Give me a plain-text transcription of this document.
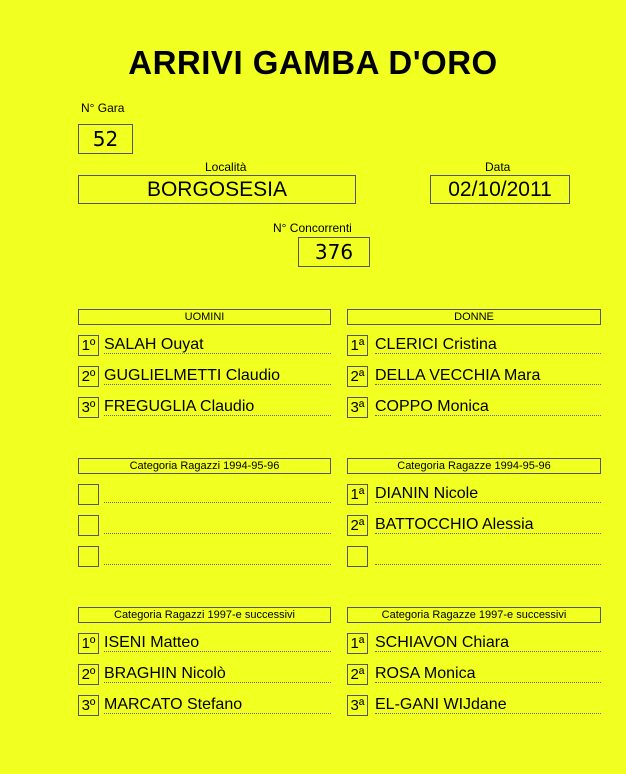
ARRIVI GAMBA D'ORO
N° Gara
52
Località
BORGOSESIA
Data
02/10/2011
N° Concorrenti
376
UOMINI
1º SALAH Ouyat
2º GUGLIELMETTI Claudio
3º FREGUGLIA Claudio
DONNE
1ª CLERICI Cristina
2ª DELLA VECCHIA Mara
3ª COPPO Monica
Categoria Ragazzi 1994-95-96	Categoria Ragazze 1994-95-96
1ª DIANIN Nicole
2ª BATTOCCHIO Alessia
Categoria Ragazzi 1997-e successivi
1º ISENI Matteo
2º BRAGHIN Nicolò
3º MARCATO Stefano
Categoria Ragazze 1997-e successivi
1ª SCHIAVON Chiara
2ª ROSA Monica
3ª EL-GANI WIJdane
